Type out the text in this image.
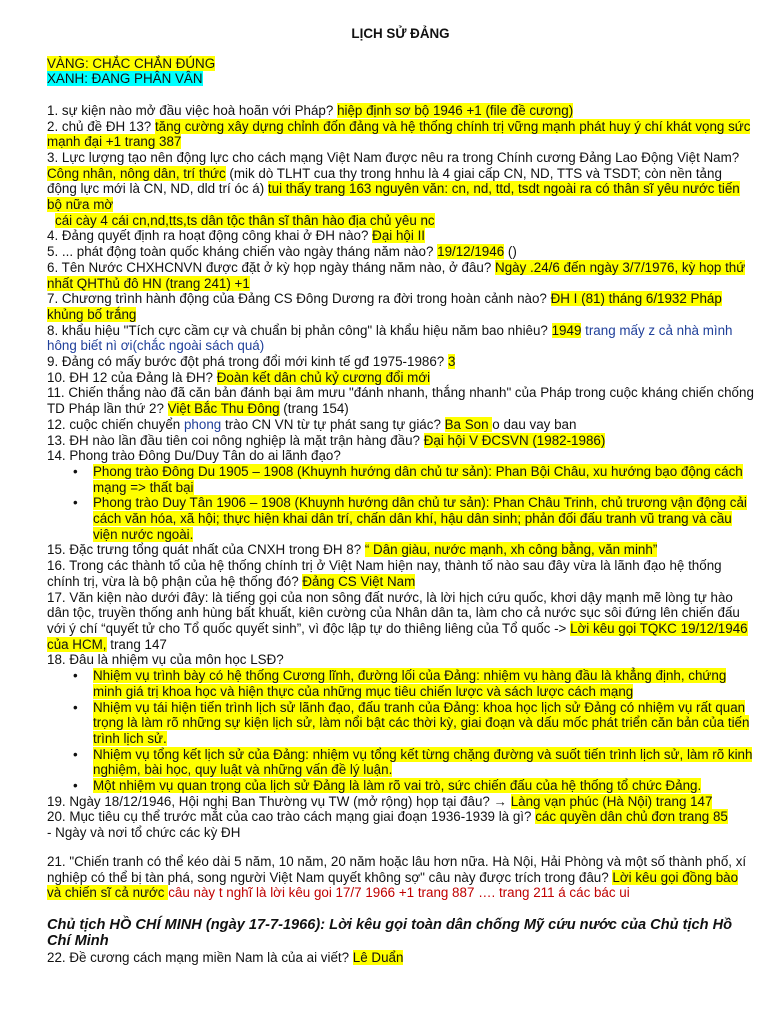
LỊCH SỬ ĐẢNG

VÀNG: CHẮC CHẮN ĐÚNG

XANH: ĐANG PHÂN VÂN

1. sự kiện nào mở đầu việc hoà hoãn với Pháp? hiệp định sơ bộ 1946 +1 (file đề cương)

2. chủ đề ĐH 13? tăng cường xây dựng chỉnh đốn đảng và hệ thống chính trị vững mạnh phát huy ý chí khát vọng sức mạnh đại +1 trang 387

3. Lực lượng tạo nên động lực cho cách mạng Việt Nam được nêu ra trong Chính cương Đảng Lao Động Việt Nam? Công nhân, nông dân, trí thức (mik dò TLHT cua thy trong hnhu là 4 giai cấp CN, ND, TTS và TSDT; còn nền tảng động lực mới là CN, ND, dld trí óc á) tui thấy trang 163 nguyên văn: cn, nd, ttd, tsdt ngoài ra có thân sĩ yêu nước tiến bộ nữa mờ

cái cày 4 cái cn,nd,tts,ts dân tộc thân sĩ thân hào địa chủ yêu nc

4. Đảng quyết định ra hoạt động công khai ở ĐH nào? Đại hội II

5. ... phát động toàn quốc kháng chiến vào ngày tháng năm nào? 19/12/1946 ()

6. Tên Nước CHXHCNVN được đặt ở kỳ họp ngày tháng năm nào, ở đâu? Ngày .24/6 đến ngày 3/7/1976, kỳ họp thứ nhất QHThủ đô HN (trang 241) +1

7. Chương trình hành động của Đảng CS Đông Dương ra đời trong hoàn cảnh nào? ĐH I (81) tháng 6/1932 Pháp khủng bố trắng

8. khẩu hiệu "Tích cực cầm cự và chuẩn bị phản công" là khẩu hiệu năm bao nhiêu? 1949 trang mấy z cả nhà mình hông biết nì ơi(chắc ngoài sách quá)

9. Đảng có mấy bước đột phá trong đổi mới kinh tế gđ 1975-1986? 3

10. ĐH 12 của Đảng là ĐH? Đoàn kết dân chủ kỷ cương đổi mới

11. Chiến thắng nào đã căn bản đánh bại âm mưu "đánh nhanh, thắng nhanh" của Pháp trong cuộc kháng chiến chống TD Pháp lần thứ 2? Việt Bắc Thu Đông (trang 154)

12. cuộc chiến chuyển phong trào CN VN từ tự phát sang tự giác? Ba Son o dau vay ban

13. ĐH nào lần đầu tiên coi nông nghiệp là mặt trận hàng đầu? Đại hội V ĐCSVN (1982-1986)

14. Phong trào Đông Du/Duy Tân do ai lãnh đạo?

• Phong trào Đông Du 1905 – 1908 (Khuynh hướng dân chủ tư sản): Phan Bội Châu, xu hướng bạo động cách mạng => thất bại
• Phong trào Duy Tân 1906 – 1908 (Khuynh hướng dân chủ tư sản): Phan Châu Trinh, chủ trương vận động cải cách văn hóa, xã hội; thực hiện khai dân trí, chấn dân khí, hậu dân sinh; phản đối đấu tranh vũ trang và cầu viện nước ngoài.

15. Đặc trưng tổng quát nhất của CNXH trong ĐH 8? “ Dân giàu, nước mạnh, xh công bằng, văn minh”

16. Trong các thành tố của hệ thống chính trị ở Việt Nam hiện nay, thành tố nào sau đây vừa là lãnh đạo hệ thống chính trị, vừa là bộ phận của hệ thống đó? Đảng CS Việt Nam

17. Văn kiện nào dưới đây: là tiếng gọi của non sông đất nước, là lời hịch cứu quốc, khơi dậy mạnh mẽ lòng tự hào dân tộc, truyền thống anh hùng bất khuất, kiên cường của Nhân dân ta, làm cho cả nước sục sôi đứng lên chiến đấu với ý chí “quyết tử cho Tổ quốc quyết sinh”, vì độc lập tự do thiêng liêng của Tổ quốc -> Lời kêu gọi TQKC 19/12/1946 của HCM, trang 147

18. Đâu là nhiệm vụ của môn học LSĐ?

• Nhiệm vụ trình bày có hệ thống Cương lĩnh, đường lối của Đảng: nhiệm vụ hàng đầu là khẳng định, chứng minh giá trị khoa học và hiện thực của những mục tiêu chiến lược và sách lược cách mạng
• Nhiệm vụ tái hiện tiến trình lịch sử lãnh đạo, đấu tranh của Đảng: khoa học lịch sử Đảng có nhiệm vụ rất quan trọng là làm rõ những sự kiện lịch sử, làm nổi bật các thời kỳ, giai đoạn và dấu mốc phát triển căn bản của tiến trình lịch sử.
• Nhiệm vụ tổng kết lịch sử của Đảng: nhiệm vụ tổng kết từng chặng đường và suốt tiến trình lịch sử, làm rõ kinh nghiệm, bài học, quy luật và những vấn đề lý luận.
• Một nhiệm vụ quan trọng của lịch sử Đảng là làm rõ vai trò, sức chiến đấu của hệ thống tổ chức Đảng.

19. Ngày 18/12/1946, Hội nghị Ban Thường vụ TW (mở rộng) họp tại đâu? → Làng vạn phúc (Hà Nội) trang 147

20. Mục tiêu cụ thể trước mắt của cao trào cách mạng giai đoạn 1936-1939 là gì? các quyền dân chủ đơn trang 85

- Ngày và nơi tổ chức các kỳ ĐH

21. "Chiến tranh có thể kéo dài 5 năm, 10 năm, 20 năm hoặc lâu hơn nữa. Hà Nội, Hải Phòng và một số thành phố, xí nghiệp có thể bị tàn phá, song người Việt Nam quyết không sợ" câu này được trích trong đâu? Lời kêu gọi đồng bào và chiến sĩ cả nước câu này t nghĩ là lời kêu goi 17/7 1966 +1 trang 887 …. trang 211 á các bác ui

Chủ tịch HỒ CHÍ MINH (ngày 17-7-1966): Lời kêu gọi toàn dân chống Mỹ cứu nước của Chủ tịch Hồ Chí Minh

22. Đề cương cách mạng miền Nam là của ai viết? Lê Duẩn
